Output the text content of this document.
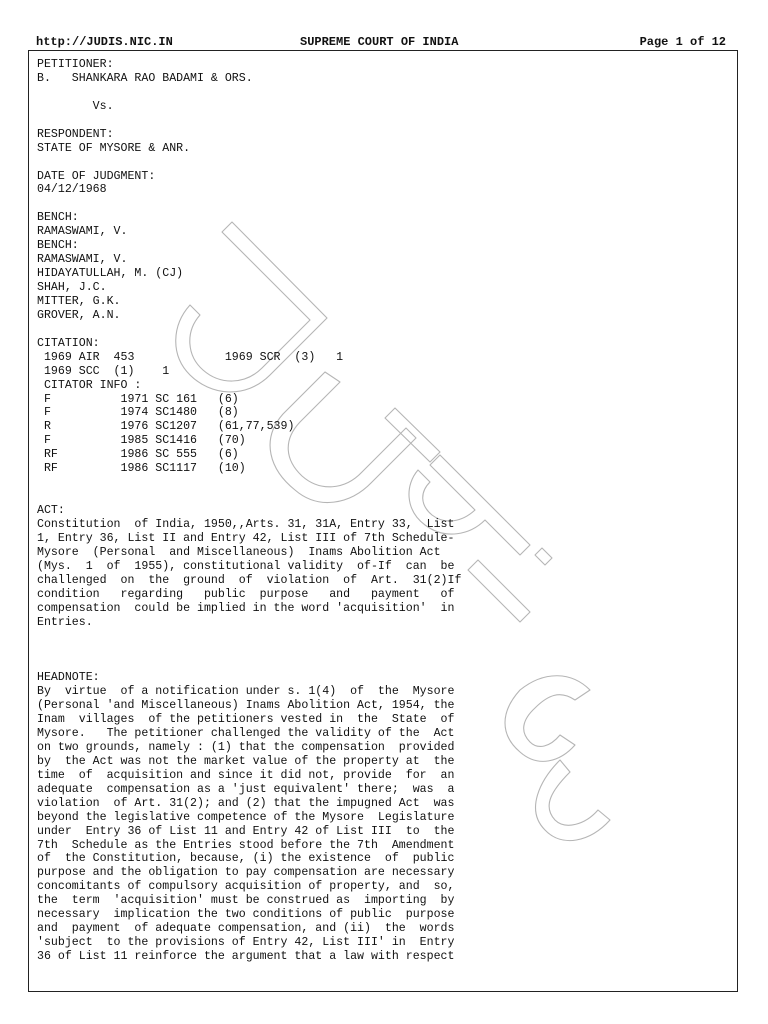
http://JUDIS.NIC.IN	SUPREME COURT OF INDIA	Page 1 of 12
PETITIONER:
B.   SHANKARA RAO BADAMI & ORS.
Vs.
RESPONDENT:
STATE OF MYSORE & ANR.
DATE OF JUDGMENT:
04/12/1968
BENCH:
RAMASWAMI, V.
BENCH:
RAMASWAMI, V.
HIDAYATULLAH, M. (CJ)
SHAH, J.C.
MITTER, G.K.
GROVER, A.N.
CITATION:
1969 AIR  453             1969 SCR  (3)   1
1969 SCC  (1)    1
CITATOR INFO :
F          1971 SC 161   (6)
F          1974 SC1480   (8)
R          1976 SC1207   (61,77,539)
F          1985 SC1416   (70)
RF         1986 SC 555   (6)
RF         1986 SC1117   (10)
ACT:
Constitution  of India, 1950,,Arts. 31, 31A, Entry 33,  List
1, Entry 36, List II and Entry 42, List III of 7th Schedule-
Mysore  (Personal  and Miscellaneous)  Inams Abolition Act
(Mys.  1  of  1955), constitutional validity  of-If  can  be
challenged  on  the  ground  of  violation  of  Art.  31(2)If
condition   regarding   public  purpose   and   payment   of
compensation  could be implied in the word 'acquisition'  in
Entries.
HEADNOTE:
By  virtue  of a notification under s. 1(4)  of  the  Mysore
(Personal 'and Miscellaneous) Inams Abolition Act, 1954, the
Inam  villages  of the petitioners vested in  the  State  of
Mysore.   The petitioner challenged the validity of the  Act
on two grounds, namely : (1) that the compensation  provided
by  the Act was not the market value of the property at  the
time  of  acquisition and since it did not, provide  for  an
adequate  compensation as a 'just equivalent' there;  was  a
violation  of Art. 31(2); and (2) that the impugned Act  was
beyond the legislative competence of the Mysore  Legislature
under  Entry 36 of List 11 and Entry 42 of List III  to  the
7th  Schedule as the Entries stood before the 7th  Amendment
of  the Constitution, because, (i) the existence  of  public
purpose and the obligation to pay compensation are necessary
concomitants of compulsory acquisition of property, and  so,
the  term  'acquisition' must be construed as  importing  by
necessary  implication the two conditions of public  purpose
and  payment  of adequate compensation, and (ii)  the  words
'subject  to the provisions of Entry 42, List III' in  Entry
36 of List 11 reinforce the argument that a law with respect
